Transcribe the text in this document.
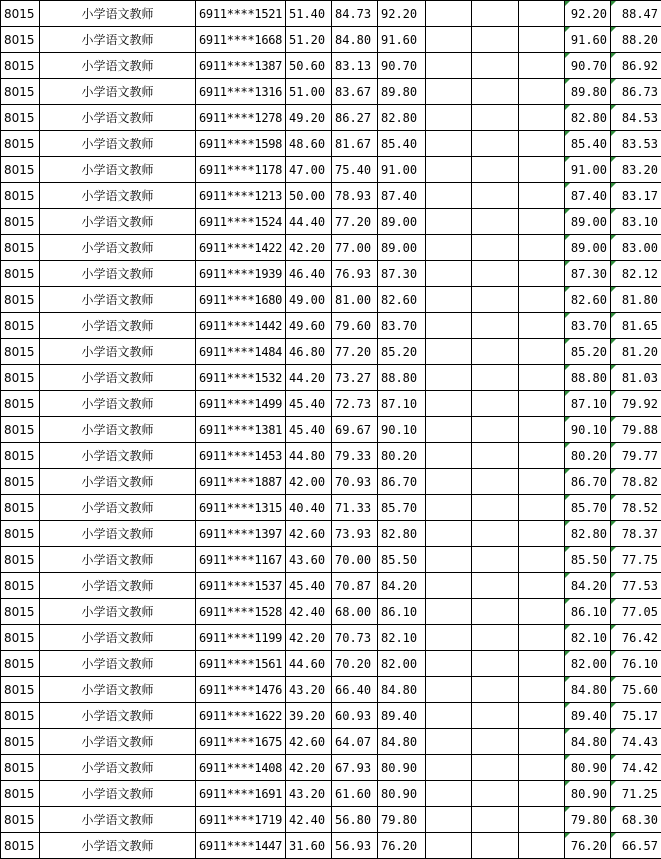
8015	小学语文教师	6911****1521	51.40	84.73	92.20				92.20	88.47
8015	小学语文教师	6911****1668	51.20	84.80	91.60				91.60	88.20
8015	小学语文教师	6911****1387	50.60	83.13	90.70				90.70	86.92
8015	小学语文教师	6911****1316	51.00	83.67	89.80				89.80	86.73
8015	小学语文教师	6911****1278	49.20	86.27	82.80				82.80	84.53
8015	小学语文教师	6911****1598	48.60	81.67	85.40				85.40	83.53
8015	小学语文教师	6911****1178	47.00	75.40	91.00				91.00	83.20
8015	小学语文教师	6911****1213	50.00	78.93	87.40				87.40	83.17
8015	小学语文教师	6911****1524	44.40	77.20	89.00				89.00	83.10
8015	小学语文教师	6911****1422	42.20	77.00	89.00				89.00	83.00
8015	小学语文教师	6911****1939	46.40	76.93	87.30				87.30	82.12
8015	小学语文教师	6911****1680	49.00	81.00	82.60				82.60	81.80
8015	小学语文教师	6911****1442	49.60	79.60	83.70				83.70	81.65
8015	小学语文教师	6911****1484	46.80	77.20	85.20				85.20	81.20
8015	小学语文教师	6911****1532	44.20	73.27	88.80				88.80	81.03
8015	小学语文教师	6911****1499	45.40	72.73	87.10				87.10	79.92
8015	小学语文教师	6911****1381	45.40	69.67	90.10				90.10	79.88
8015	小学语文教师	6911****1453	44.80	79.33	80.20				80.20	79.77
8015	小学语文教师	6911****1887	42.00	70.93	86.70				86.70	78.82
8015	小学语文教师	6911****1315	40.40	71.33	85.70				85.70	78.52
8015	小学语文教师	6911****1397	42.60	73.93	82.80				82.80	78.37
8015	小学语文教师	6911****1167	43.60	70.00	85.50				85.50	77.75
8015	小学语文教师	6911****1537	45.40	70.87	84.20				84.20	77.53
8015	小学语文教师	6911****1528	42.40	68.00	86.10				86.10	77.05
8015	小学语文教师	6911****1199	42.20	70.73	82.10				82.10	76.42
8015	小学语文教师	6911****1561	44.60	70.20	82.00				82.00	76.10
8015	小学语文教师	6911****1476	43.20	66.40	84.80				84.80	75.60
8015	小学语文教师	6911****1622	39.20	60.93	89.40				89.40	75.17
8015	小学语文教师	6911****1675	42.60	64.07	84.80				84.80	74.43
8015	小学语文教师	6911****1408	42.20	67.93	80.90				80.90	74.42
8015	小学语文教师	6911****1691	43.20	61.60	80.90				80.90	71.25
8015	小学语文教师	6911****1719	42.40	56.80	79.80				79.80	68.30
8015	小学语文教师	6911****1447	31.60	56.93	76.20				76.20	66.57
